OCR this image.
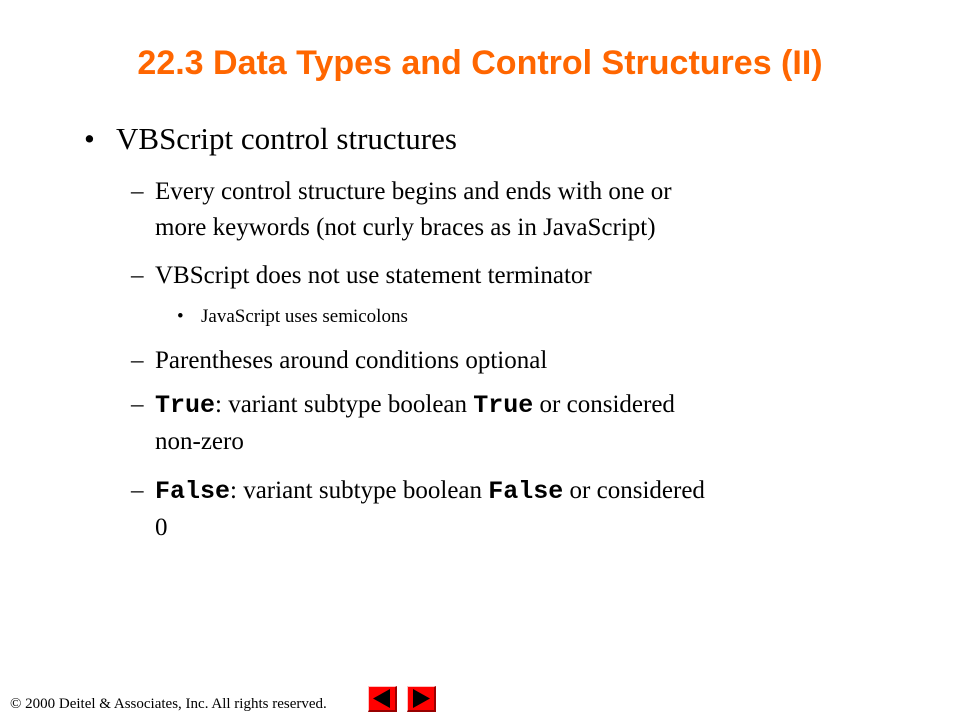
22.3 Data Types and Control Structures (II)
• VBScript control structures
– Every control structure begins and ends with one or
more keywords (not curly braces as in JavaScript)
– VBScript does not use statement terminator
• JavaScript uses semicolons
– Parentheses around conditions optional
– True: variant subtype boolean True or considered
non-zero
– False: variant subtype boolean False or considered
0
© 2000 Deitel & Associates, Inc. All rights reserved.
